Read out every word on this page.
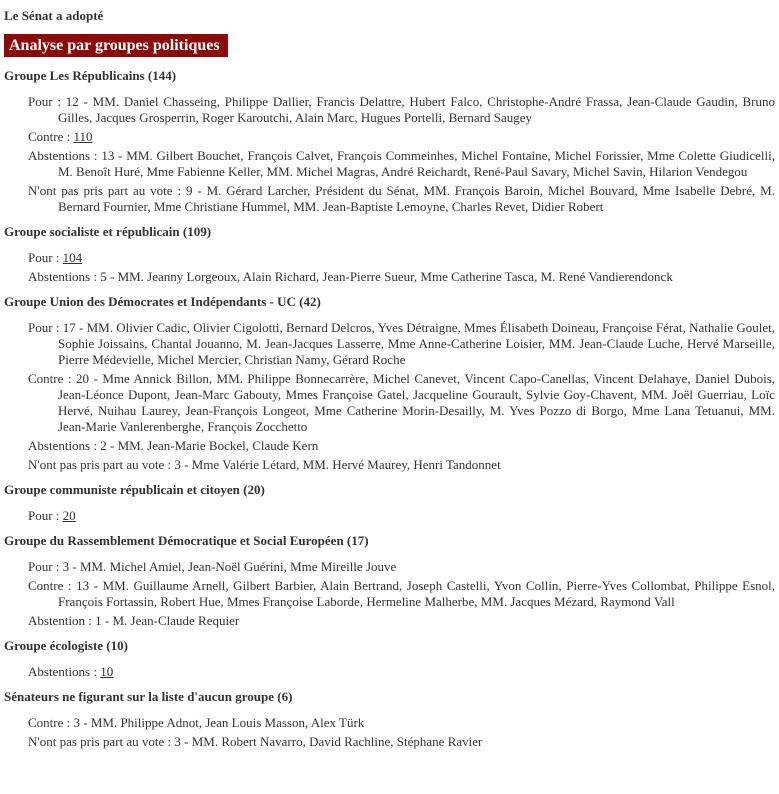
Le Sénat a adopté
Analyse par groupes politiques
Groupe Les Républicains (144)
Pour : 12 - MM. Daniel Chasseing, Philippe Dallier, Francis Delattre, Hubert Falco, Christophe-André Frassa, Jean-Claude Gaudin, Bruno Gilles, Jacques Grosperrin, Roger Karoutchi, Alain Marc, Hugues Portelli, Bernard Saugey
Contre : 110
Abstentions : 13 - MM. Gilbert Bouchet, François Calvet, François Commeinhes, Michel Fontaine, Michel Forissier, Mme Colette Giudicelli, M. Benoît Huré, Mme Fabienne Keller, MM. Michel Magras, André Reichardt, René-Paul Savary, Michel Savin, Hilarion Vendegou
N'ont pas pris part au vote : 9 - M. Gérard Larcher, Président du Sénat, MM. François Baroin, Michel Bouvard, Mme Isabelle Debré, M. Bernard Fournier, Mme Christiane Hummel, MM. Jean-Baptiste Lemoyne, Charles Revet, Didier Robert
Groupe socialiste et républicain (109)
Pour : 104
Abstentions : 5 - MM. Jeanny Lorgeoux, Alain Richard, Jean-Pierre Sueur, Mme Catherine Tasca, M. René Vandierendonck
Groupe Union des Démocrates et Indépendants - UC (42)
Pour : 17 - MM. Olivier Cadic, Olivier Cigolotti, Bernard Delcros, Yves Détraigne, Mmes Élisabeth Doineau, Françoise Férat, Nathalie Goulet, Sophie Joissains, Chantal Jouanno, M. Jean-Jacques Lasserre, Mme Anne-Catherine Loisier, MM. Jean-Claude Luche, Hervé Marseille, Pierre Médevielle, Michel Mercier, Christian Namy, Gérard Roche
Contre : 20 - Mme Annick Billon, MM. Philippe Bonnecarrère, Michel Canevet, Vincent Capo-Canellas, Vincent Delahaye, Daniel Dubois, Jean-Léonce Dupont, Jean-Marc Gabouty, Mmes Françoise Gatel, Jacqueline Gourault, Sylvie Goy-Chavent, MM. Joël Guerriau, Loïc Hervé, Nuihau Laurey, Jean-François Longeot, Mme Catherine Morin-Desailly, M. Yves Pozzo di Borgo, Mme Lana Tetuanui, MM. Jean-Marie Vanlerenberghe, François Zocchetto
Abstentions : 2 - MM. Jean-Marie Bockel, Claude Kern
N'ont pas pris part au vote : 3 - Mme Valérie Létard, MM. Hervé Maurey, Henri Tandonnet
Groupe communiste républicain et citoyen (20)
Pour : 20
Groupe du Rassemblement Démocratique et Social Européen (17)
Pour : 3 - MM. Michel Amiel, Jean-Noël Guérini, Mme Mireille Jouve
Contre : 13 - MM. Guillaume Arnell, Gilbert Barbier, Alain Bertrand, Joseph Castelli, Yvon Collin, Pierre-Yves Collombat, Philippe Esnol, François Fortassin, Robert Hue, Mmes Françoise Laborde, Hermeline Malherbe, MM. Jacques Mézard, Raymond Vall
Abstention : 1 - M. Jean-Claude Requier
Groupe écologiste (10)
Abstentions : 10
Sénateurs ne figurant sur la liste d'aucun groupe (6)
Contre : 3 - MM. Philippe Adnot, Jean Louis Masson, Alex Türk
N'ont pas pris part au vote : 3 - MM. Robert Navarro, David Rachline, Stéphane Ravier
